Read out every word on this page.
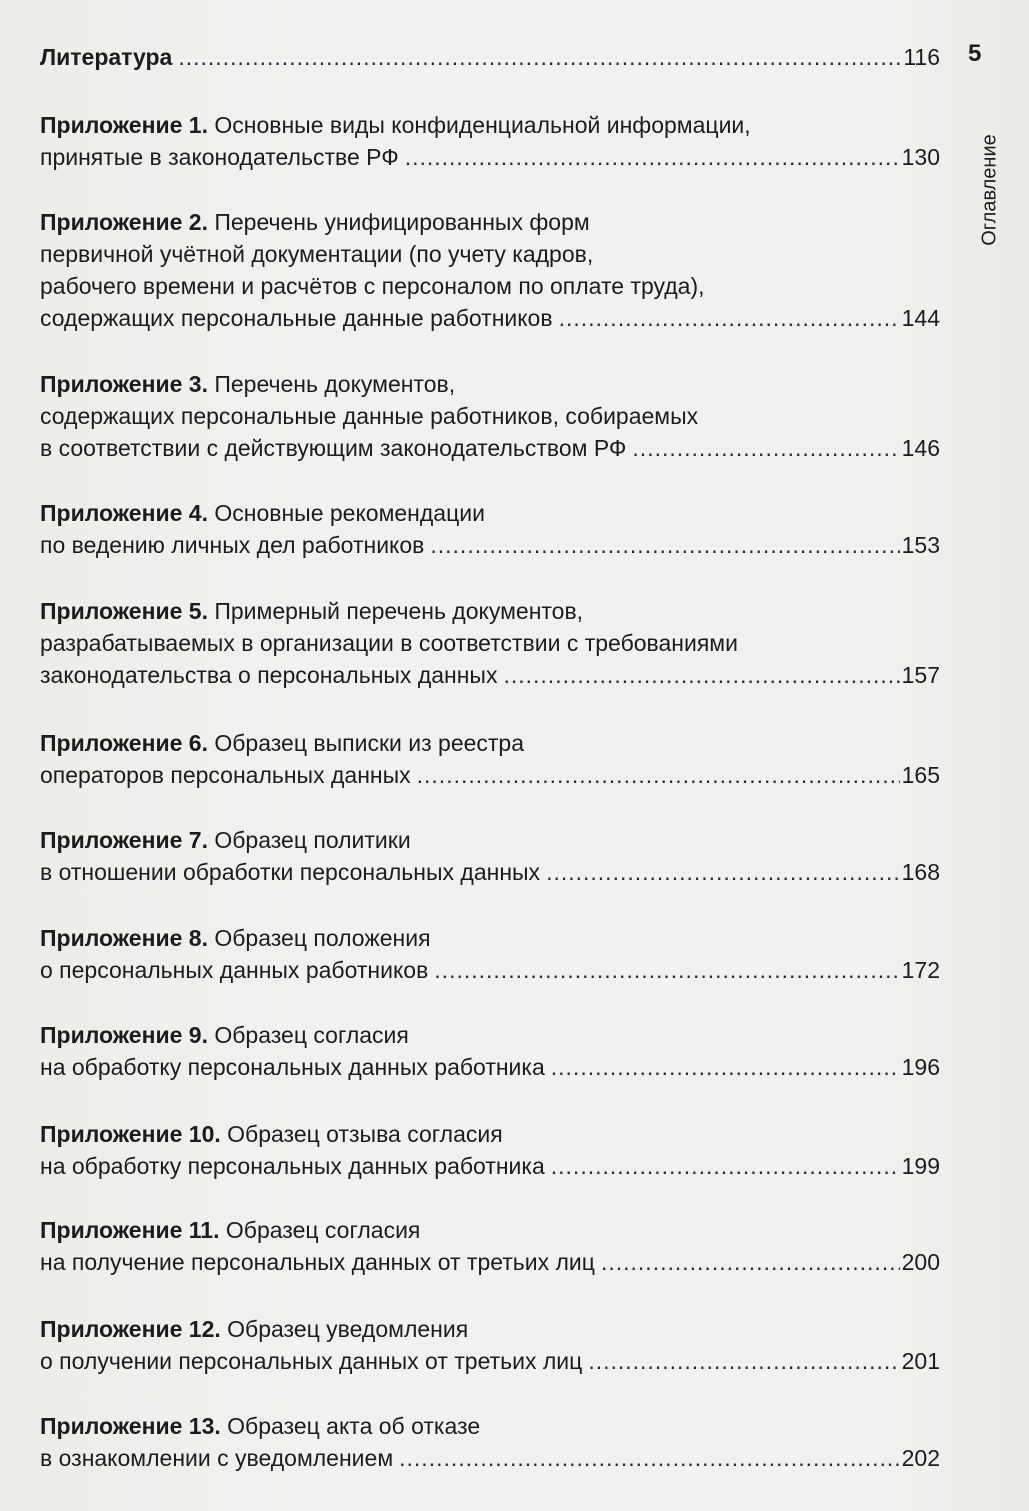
5
Оглавление
Литература .....	116
Приложение 1. Основные виды конфиденциальной информации,
принятые в законодательстве РФ .....	130
Приложение 2. Перечень унифицированных форм
первичной учётной документации (по учету кадров,
рабочего времени и расчётов с персоналом по оплате труда),
содержащих персональные данные работников .....	144
Приложение 3. Перечень документов,
содержащих персональные данные работников, собираемых
в соответствии с действующим законодательством РФ .....	146
Приложение 4. Основные рекомендации
по ведению личных дел работников .....	153
Приложение 5. Примерный перечень документов,
разрабатываемых в организации в соответствии с требованиями
законодательства о персональных данных .....	157
Приложение 6. Образец выписки из реестра
операторов персональных данных .....	165
Приложение 7. Образец политики
в отношении обработки персональных данных .....	168
Приложение 8. Образец положения
о персональных данных работников .....	172
Приложение 9. Образец согласия
на обработку персональных данных работника .....	196
Приложение 10. Образец отзыва согласия
на обработку персональных данных работника .....	199
Приложение 11. Образец согласия
на получение персональных данных от третьих лиц .....	200
Приложение 12. Образец уведомления
о получении персональных данных от третьих лиц .....	201
Приложение 13. Образец акта об отказе
в ознакомлении с уведомлением .....	202
